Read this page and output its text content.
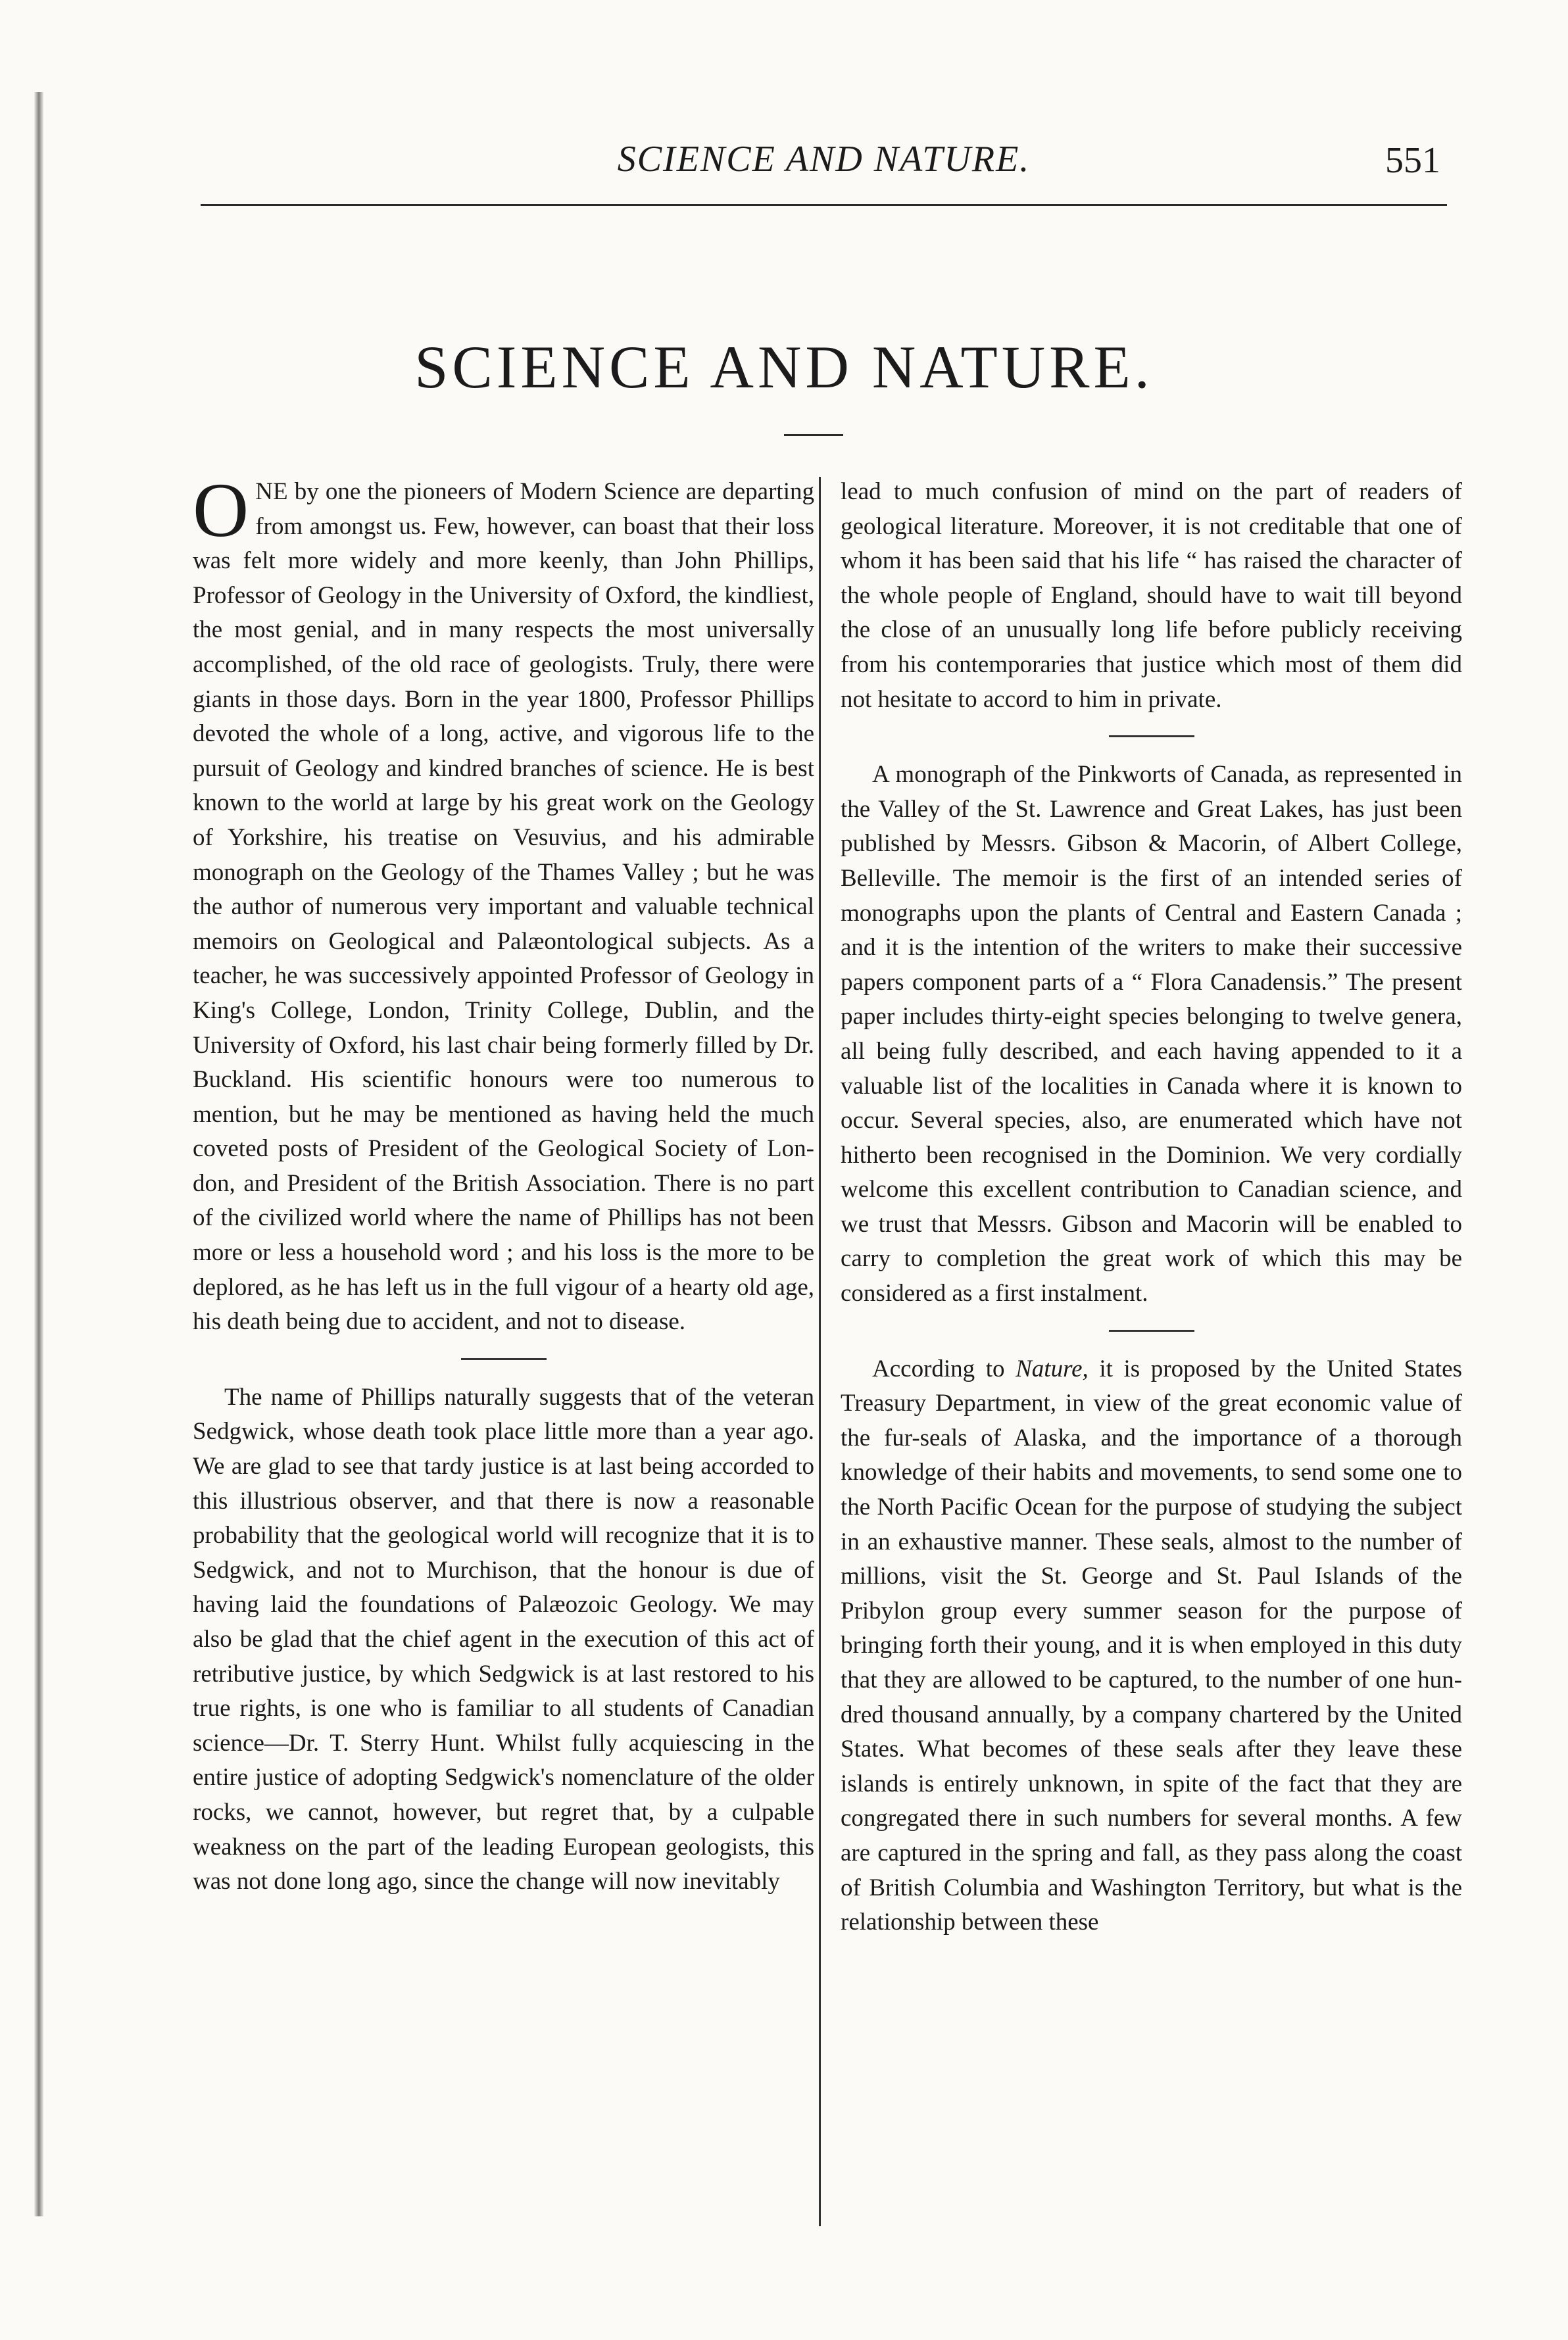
SCIENCE AND NATURE.	551
SCIENCE AND NATURE.

ONE by one the pioneers of Modern Science are departing from amongst us. Few, however, can boast that their loss was felt more widely and more keenly, than John Phillips, Professor of Geology in the University of Oxford, the kindliest, the most genial, and in many respects the most universally accomplished, of the old race of geologists. Truly, there were giants in those days. Born in the year 1800, Professor Phillips devoted the whole of a long, active, and vigorous life to the pursuit of Geology and kindred branches of science. He is best known to the world at large by his great work on the Geology of Yorkshire, his treatise on Vesuvius, and his admirable monograph on the Geology of the Thames Valley ; but he was the author of numerous very important and valuable technical memoirs on Geological and Palæontological subjects. As a teacher, he was successively appointed Professor of Geology in King's College, London, Trinity College, Dublin, and the University of Oxford, his last chair being formerly filled by Dr. Buckland. His scientific honours were too numerous to mention, but he may be mentioned as having held the much coveted posts of President of the Geological Society of London, and President of the British Association. There is no part of the civilized world where the name of Phillips has not been more or less a household word ; and his loss is the more to be deplored, as he has left us in the full vigour of a hearty old age, his death being due to accident, and not to disease.

The name of Phillips naturally suggests that of the veteran Sedgwick, whose death took place little more than a year ago. We are glad to see that tardy justice is at last being accorded to this illustrious observer, and that there is now a reasonable probability that the geological world will recognize that it is to Sedgwick, and not to Murchison, that the honour is due of having laid the foundations of Palæozoic Geology. We may also be glad that the chief agent in the execution of this act of retributive justice, by which Sedgwick is at last restored to his true rights, is one who is familiar to all students of Canadian science—Dr. T. Sterry Hunt. Whilst fully acquiescing in the entire justice of adopting Sedgwick's nomenclature of the older rocks, we cannot, however, but regret that, by a culpable weakness on the part of the leading European geologists, this was not done long ago, since the change will now inevitably

lead to much confusion of mind on the part of readers of geological literature. Moreover, it is not creditable that one of whom it has been said that his life “ has raised the character of the whole people of England, should have to wait till beyond the close of an unusually long life before publicly receiving from his contemporaries that justice which most of them did not hesitate to accord to him in private.

A monograph of the Pinkworts of Canada, as represented in the Valley of the St. Lawrence and Great Lakes, has just been published by Messrs. Gibson & Macorin, of Albert College, Belleville. The memoir is the first of an intended series of monographs upon the plants of Central and Eastern Canada ; and it is the intention of the writers to make their successive papers component parts of a “ Flora Canadensis.” The present paper includes thirty-eight species belonging to twelve genera, all being fully described, and each having appended to it a valuable list of the localities in Canada where it is known to occur. Several species, also, are enumerated which have not hitherto been recognised in the Dominion. We very cordially welcome this excellent contribution to Canadian science, and we trust that Messrs. Gibson and Macorin will be enabled to carry to completion the great work of which this may be considered as a first instalment.

According to Nature, it is proposed by the United States Treasury Department, in view of the great economic value of the fur-seals of Alaska, and the importance of a thorough knowledge of their habits and movements, to send some one to the North Pacific Ocean for the purpose of studying the subject in an exhaustive manner. These seals, almost to the number of millions, visit the St. George and St. Paul Islands of the Pribylon group every summer season for the purpose of bringing forth their young, and it is when employed in this duty that they are allowed to be captured, to the number of one hundred thousand annually, by a company chartered by the United States. What becomes of these seals after they leave these islands is entirely unknown, in spite of the fact that they are congregated there in such numbers for several months. A few are captured in the spring and fall, as they pass along the coast of British Columbia and Washington Territory, but what is the relationship between these
